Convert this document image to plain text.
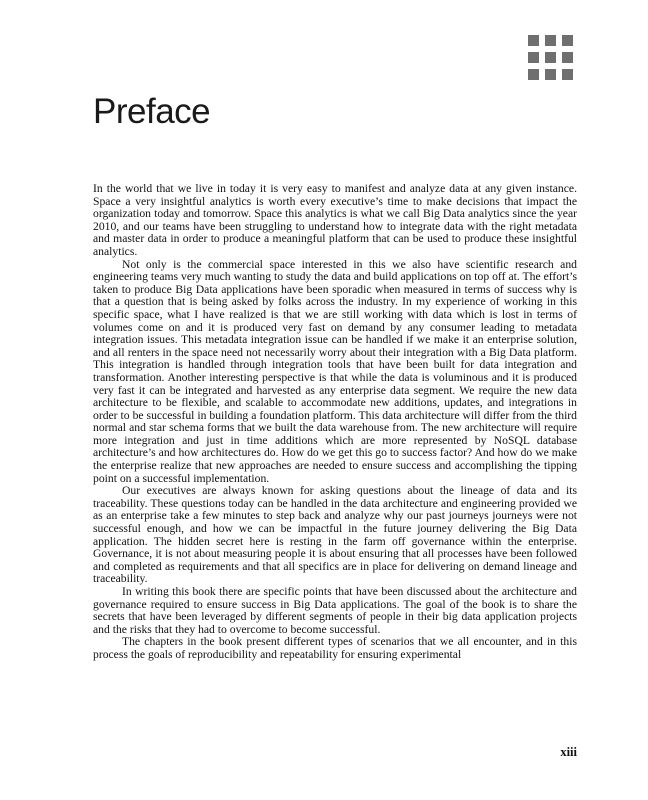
Preface

In the world that we live in today it is very easy to manifest and analyze data at any given instance. Space a very insightful analytics is worth every executive’s time to make decisions that impact the organization today and tomorrow. Space this analytics is what we call Big Data analytics since the year 2010, and our teams have been struggling to understand how to integrate data with the right metadata and master data in order to produce a meaningful platform that can be used to produce these insightful analytics.

Not only is the commercial space interested in this we also have scientific research and engineering teams very much wanting to study the data and build applications on top off at. The effort’s taken to produce Big Data applications have been sporadic when measured in terms of success why is that a question that is being asked by folks across the industry. In my experience of working in this specific space, what I have realized is that we are still working with data which is lost in terms of volumes come on and it is produced very fast on demand by any consumer leading to metadata integration issues. This metadata integration issue can be handled if we make it an enterprise solution, and all renters in the space need not necessarily worry about their integration with a Big Data platform. This integration is handled through integration tools that have been built for data integration and transformation. Another interesting perspective is that while the data is voluminous and it is produced very fast it can be integrated and harvested as any enterprise data segment. We require the new data architecture to be flexible, and scalable to accommodate new additions, updates, and integrations in order to be successful in building a foundation platform. This data architecture will differ from the third normal and star schema forms that we built the data warehouse from. The new architecture will require more integration and just in time additions which are more represented by NoSQL database architecture’s and how architectures do. How do we get this go to success factor? And how do we make the enterprise realize that new approaches are needed to ensure success and accomplishing the tipping point on a successful implementation.

Our executives are always known for asking questions about the lineage of data and its traceability. These questions today can be handled in the data architecture and engineering provided we as an enterprise take a few minutes to step back and analyze why our past journeys journeys were not successful enough, and how we can be impactful in the future journey delivering the Big Data application. The hidden secret here is resting in the farm off governance within the enterprise. Governance, it is not about measuring people it is about ensuring that all processes have been followed and completed as requirements and that all specifics are in place for delivering on demand lineage and traceability.

In writing this book there are specific points that have been discussed about the architecture and governance required to ensure success in Big Data applications. The goal of the book is to share the secrets that have been leveraged by different segments of people in their big data application projects and the risks that they had to overcome to become successful.

The chapters in the book present different types of scenarios that we all encounter, and in this process the goals of reproducibility and repeatability for ensuring experimental

xiii
